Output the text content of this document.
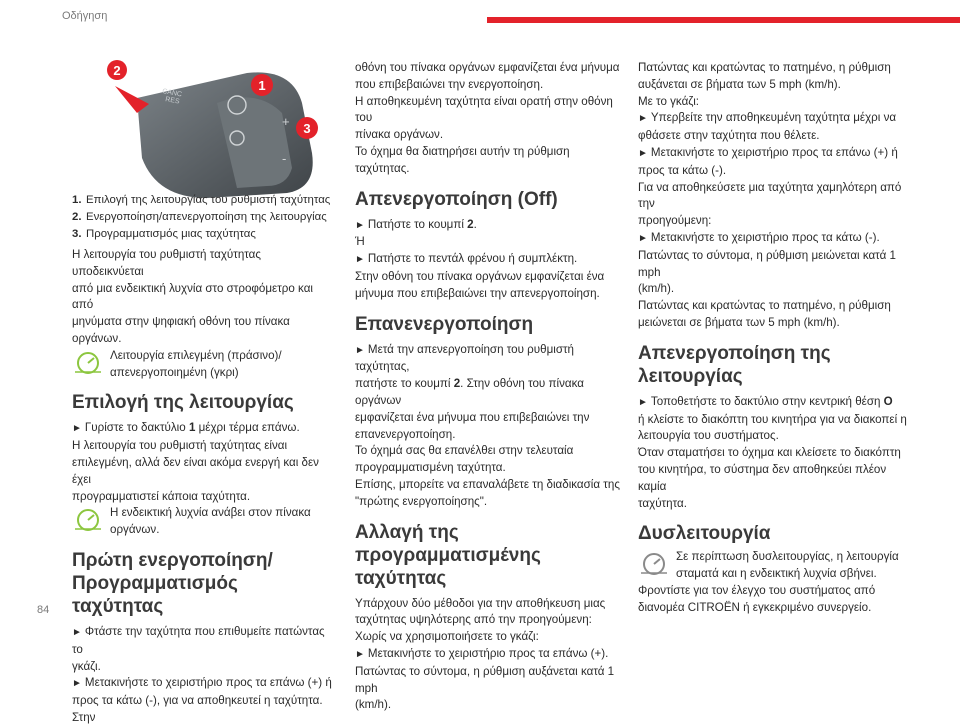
Οδήγηση
CANC
RES
+
-
2
1
3
1. Επιλογή της λειτουργίας του ρυθμιστή ταχύτητας
2. Ενεργοποίηση/απενεργοποίηση της λειτουργίας
3. Προγραμματισμός μιας ταχύτητας

Η λειτουργία του ρυθμιστή ταχύτητας υποδεικνύεται

από μια ενδεικτική λυχνία στο στροφόμετρο και από

μηνύματα στην ψηφιακή οθόνη του πίνακα οργάνων.

Λειτουργία επιλεγμένη (πράσινο)/

απενεργοποιημένη (γκρι)

Επιλογή της λειτουργίας

► Γυρίστε το δακτύλιο 1 μέχρι τέρμα επάνω.

Η λειτουργία του ρυθμιστή ταχύτητας είναι

επιλεγμένη, αλλά δεν είναι ακόμα ενεργή και δεν έχει

προγραμματιστεί κάποια ταχύτητα.

Η ενδεικτική λυχνία ανάβει στον πίνακα

οργάνων.

Πρώτη ενεργοποίηση/
Προγραμματισμός ταχύτητας

► Φτάστε την ταχύτητα που επιθυμείτε πατώντας το

γκάζι.

► Μετακινήστε το χειριστήριο προς τα επάνω (+) ή

προς τα κάτω (-), για να αποθηκευτεί η ταχύτητα. Στην

οθόνη του πίνακα οργάνων εμφανίζεται ένα μήνυμα

που επιβεβαιώνει την ενεργοποίηση.

Η αποθηκευμένη ταχύτητα είναι ορατή στην οθόνη του

πίνακα οργάνων.

Το όχημα θα διατηρήσει αυτήν τη ρύθμιση ταχύτητας.

Απενεργοποίηση (Off)

► Πατήστε το κουμπί 2.

Ή

► Πατήστε το πεντάλ φρένου ή συμπλέκτη.

Στην οθόνη του πίνακα οργάνων εμφανίζεται ένα

μήνυμα που επιβεβαιώνει την απενεργοποίηση.

Επανενεργοποίηση

► Μετά την απενεργοποίηση του ρυθμιστή ταχύτητας,

πατήστε το κουμπί 2. Στην οθόνη του πίνακα οργάνων

εμφανίζεται ένα μήνυμα που επιβεβαιώνει την

επανενεργοποίηση.

Το όχημά σας θα επανέλθει στην τελευταία

προγραμματισμένη ταχύτητα.

Επίσης, μπορείτε να επαναλάβετε τη διαδικασία της

"πρώτης ενεργοποίησης".

Αλλαγή της
προγραμματισμένης ταχύτητας

Υπάρχουν δύο μέθοδοι για την αποθήκευση μιας

ταχύτητας υψηλότερης από την προηγούμενη:

Χωρίς να χρησιμοποιήσετε το γκάζι:

► Μετακινήστε το χειριστήριο προς τα επάνω (+).

Πατώντας το σύντομα, η ρύθμιση αυξάνεται κατά 1 mph

(km/h).

Πατώντας και κρατώντας το πατημένο, η ρύθμιση

αυξάνεται σε βήματα των 5 mph (km/h).

Με το γκάζι:

► Υπερβείτε την αποθηκευμένη ταχύτητα μέχρι να

φθάσετε στην ταχύτητα που θέλετε.

► Μετακινήστε το χειριστήριο προς τα επάνω (+) ή

προς τα κάτω (-).

Για να αποθηκεύσετε μια ταχύτητα χαμηλότερη από την

προηγούμενη:

► Μετακινήστε το χειριστήριο προς τα κάτω (-).

Πατώντας το σύντομα, η ρύθμιση μειώνεται κατά 1 mph

(km/h).

Πατώντας και κρατώντας το πατημένο, η ρύθμιση

μειώνεται σε βήματα των 5 mph (km/h).

Απενεργοποίηση της
λειτουργίας

► Τοποθετήστε το δακτύλιο στην κεντρική θέση O

ή κλείστε το διακόπτη του κινητήρα για να διακοπεί η

λειτουργία του συστήματος.

Όταν σταματήσει το όχημα και κλείσετε το διακόπτη

του κινητήρα, το σύστημα δεν αποθηκεύει πλέον καμία

ταχύτητα.

Δυσλειτουργία

Σε περίπτωση δυσλειτουργίας, η λειτουργία

σταματά και η ενδεικτική λυχνία σβήνει.

Φροντίστε για τον έλεγχο του συστήματος από

διανομέα CITROËN ή εγκεκριμένο συνεργείο.

84
